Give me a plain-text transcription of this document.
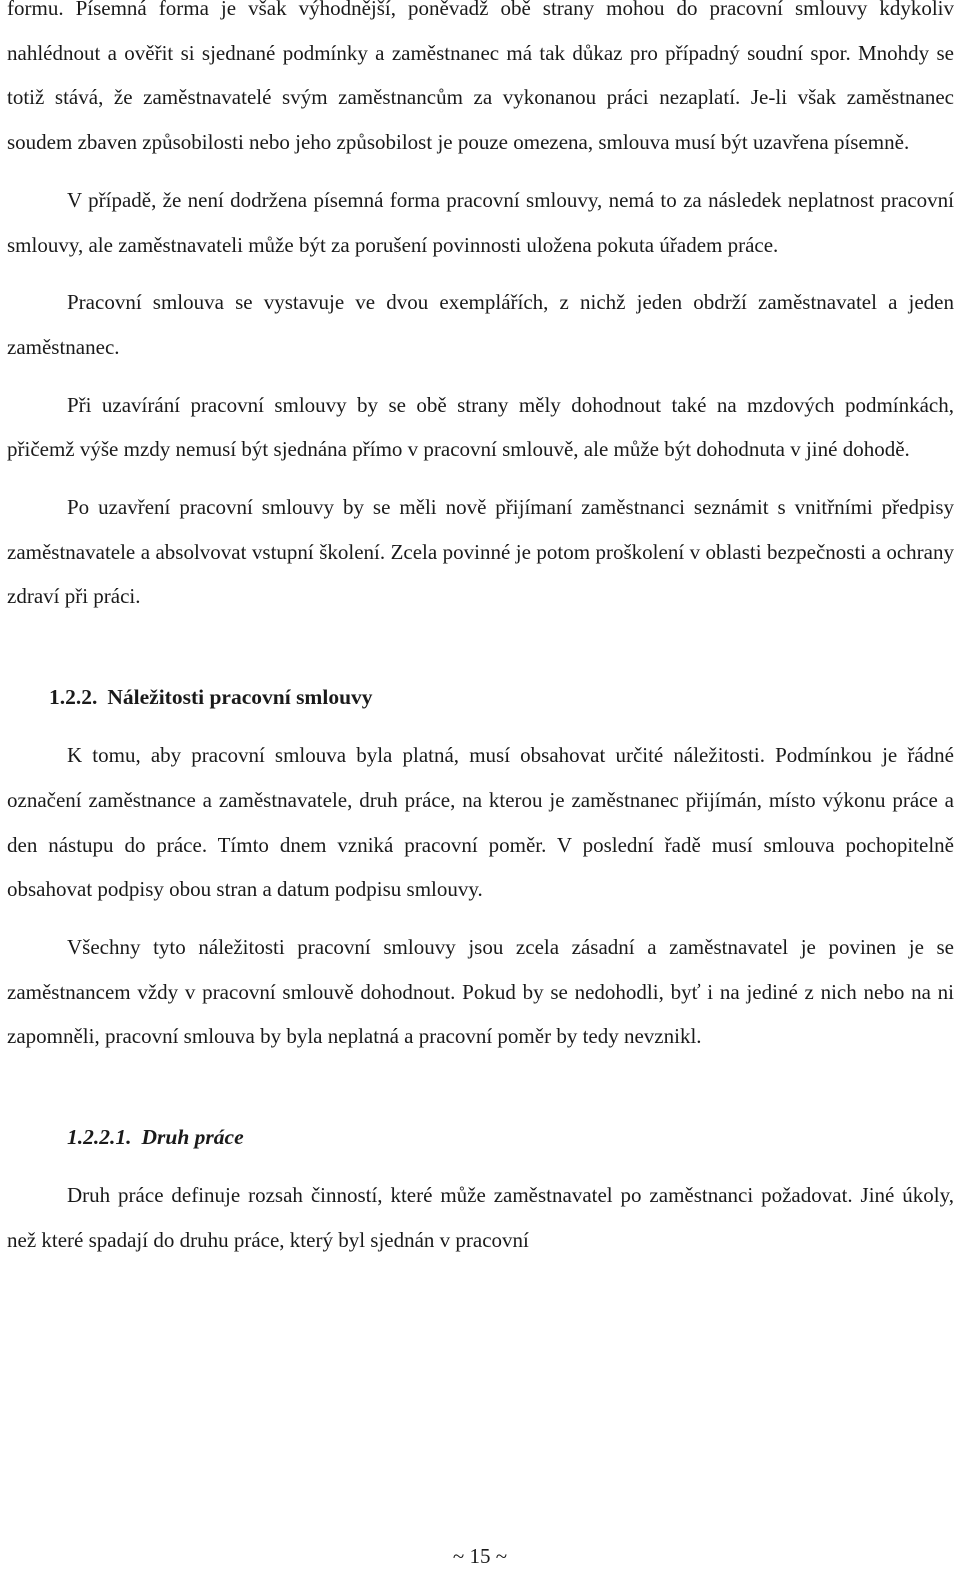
formu. Písemná forma je však výhodnější, poněvadž obě strany mohou do pracovní smlouvy kdykoliv nahlédnout a ověřit si sjednané podmínky a zaměstnanec má tak důkaz pro případný soudní spor. Mnohdy se totiž stává, že zaměstnavatelé svým zaměstnancům za vykonanou práci nezaplatí. Je-li však zaměstnanec soudem zbaven způsobilosti nebo jeho způsobilost je pouze omezena, smlouva musí být uzavřena písemně.

V případě, že není dodržena písemná forma pracovní smlouvy, nemá to za následek neplatnost pracovní smlouvy, ale zaměstnavateli může být za porušení povinnosti uložena pokuta úřadem práce.

Pracovní smlouva se vystavuje ve dvou exemplářích, z nichž jeden obdrží zaměstnavatel a jeden zaměstnanec.

Při uzavírání pracovní smlouvy by se obě strany měly dohodnout také na mzdových podmínkách, přičemž výše mzdy nemusí být sjednána přímo v pracovní smlouvě, ale může být dohodnuta v jiné dohodě.

Po uzavření pracovní smlouvy by se měli nově přijímaní zaměstnanci seznámit s vnitřními předpisy zaměstnavatele a absolvovat vstupní školení. Zcela povinné je potom proškolení v oblasti bezpečnosti a ochrany zdraví při práci.

1.2.2. Náležitosti pracovní smlouvy

K tomu, aby pracovní smlouva byla platná, musí obsahovat určité náležitosti. Podmínkou je řádné označení zaměstnance a zaměstnavatele, druh práce, na kterou je zaměstnanec přijímán, místo výkonu práce a den nástupu do práce. Tímto dnem vzniká pracovní poměr. V poslední řadě musí smlouva pochopitelně obsahovat podpisy obou stran a datum podpisu smlouvy.

Všechny tyto náležitosti pracovní smlouvy jsou zcela zásadní a zaměstnavatel je povinen je se zaměstnancem vždy v pracovní smlouvě dohodnout. Pokud by se nedohodli, byť i na jediné z nich nebo na ni zapomněli, pracovní smlouva by byla neplatná a pracovní poměr by tedy nevznikl.

1.2.2.1. Druh práce

Druh práce definuje rozsah činností, které může zaměstnavatel po zaměstnanci požadovat. Jiné úkoly, než které spadají do druhu práce, který byl sjednán v pracovní

~ 15 ~
